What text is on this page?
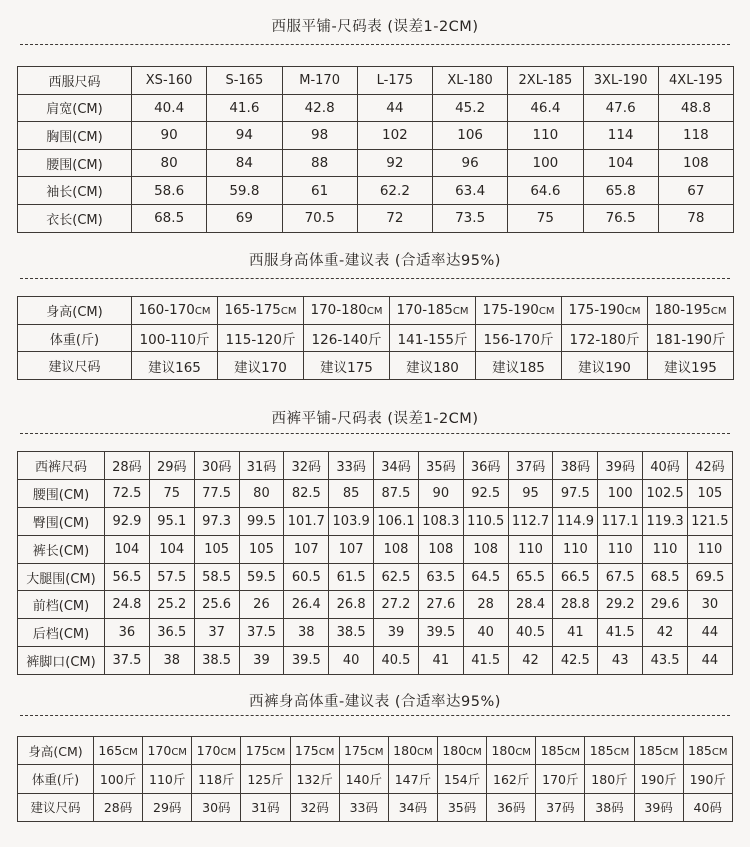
西服平铺-尺码表 (误差1-2CM)
西服尺码	XS-160	S-165	M-170	L-175	XL-180	2XL-185	3XL-190	4XL-195
肩宽(CM)	40.4	41.6	42.8	44	45.2	46.4	47.6	48.8
胸围(CM)	90	94	98	102	106	110	114	118
腰围(CM)	80	84	88	92	96	100	104	108
袖长(CM)	58.6	59.8	61	62.2	63.4	64.6	65.8	67
衣长(CM)	68.5	69	70.5	72	73.5	75	76.5	78
西服身高体重-建议表 (合适率达95%)
身高(CM)	160-170CM	165-175CM	170-180CM	170-185CM	175-190CM	175-190CM	180-195CM
体重(斤)	100-110斤	115-120斤	126-140斤	141-155斤	156-170斤	172-180斤	181-190斤
建议尺码	建议165	建议170	建议175	建议180	建议185	建议190	建议195
西裤平铺-尺码表 (误差1-2CM)
西裤尺码	28码	29码	30码	31码	32码	33码	34码	35码	36码	37码	38码	39码	40码	42码
腰围(CM)	72.5	75	77.5	80	82.5	85	87.5	90	92.5	95	97.5	100	102.5	105
臀围(CM)	92.9	95.1	97.3	99.5	101.7	103.9	106.1	108.3	110.5	112.7	114.9	117.1	119.3	121.5
裤长(CM)	104	104	105	105	107	107	108	108	108	110	110	110	110	110
大腿围(CM)	56.5	57.5	58.5	59.5	60.5	61.5	62.5	63.5	64.5	65.5	66.5	67.5	68.5	69.5
前档(CM)	24.8	25.2	25.6	26	26.4	26.8	27.2	27.6	28	28.4	28.8	29.2	29.6	30
后档(CM)	36	36.5	37	37.5	38	38.5	39	39.5	40	40.5	41	41.5	42	44
裤脚口(CM)	37.5	38	38.5	39	39.5	40	40.5	41	41.5	42	42.5	43	43.5	44
西裤身高体重-建议表 (合适率达95%)
身高(CM)	165CM	170CM	170CM	175CM	175CM	175CM	180CM	180CM	180CM	185CM	185CM	185CM	185CM
体重(斤)	100斤	110斤	118斤	125斤	132斤	140斤	147斤	154斤	162斤	170斤	180斤	190斤	190斤
建议尺码	28码	29码	30码	31码	32码	33码	34码	35码	36码	37码	38码	39码	40码
